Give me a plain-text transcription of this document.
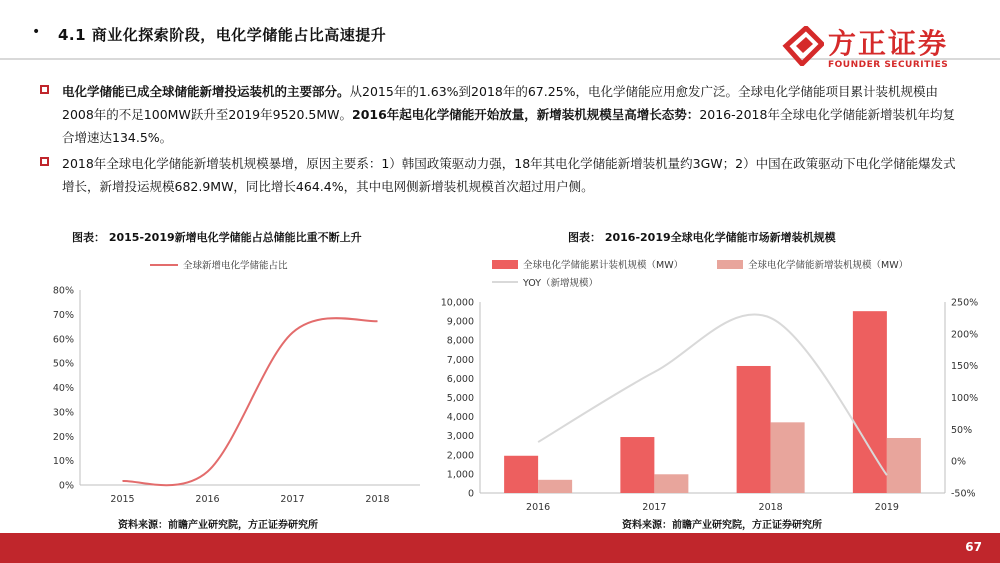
• 4.1 商业化探索阶段，电化学储能占比高速提升	方正证券
FOUNDER SECURITIES
电化学储能已成全球储能新增投运装机的主要部分。从2015年的1.63%到2018年的67.25%，电化学储能应用愈发广泛。全球电化学储能项目累计装机规模由2008年的不足100MW跃升至2019年9520.5MW。2016年起电化学储能开始放量，新增装机规模呈高增长态势：2016-2018年全球电化学储能新增装机年均复合增速达134.5%。
2018年全球电化学储能新增装机规模暴增，原因主要系：1）韩国政策驱动力强，18年其电化学储能新增装机量约3GW；2）中国在政策驱动下电化学储能爆发式增长，新增投运规模682.9MW，同比增长464.4%，其中电网侧新增装机规模首次超过用户侧。
图表： 2015-2019新增电化学储能占总储能比重不断上升	图表： 2016-2019全球电化学储能市场新增装机规模
0%
10%
20%
30%
40%
50%
60%
70%
80%
2015	2016	2017	2018
全球新增电化学储能占比
0
1,000
2,000
3,000
4,000
5,000
6,000
7,000
8,000
9,000
10,000
-50%
0%
50%
100%
150%
200%
250%
2016	2017	2018	2019
全球电化学储能累计装机规模（MW）	全球电化学储能新增装机规模（MW）
YOY（新增规模）
资料来源：前瞻产业研究院，方正证券研究所	资料来源：前瞻产业研究院，方正证券研究所
67
